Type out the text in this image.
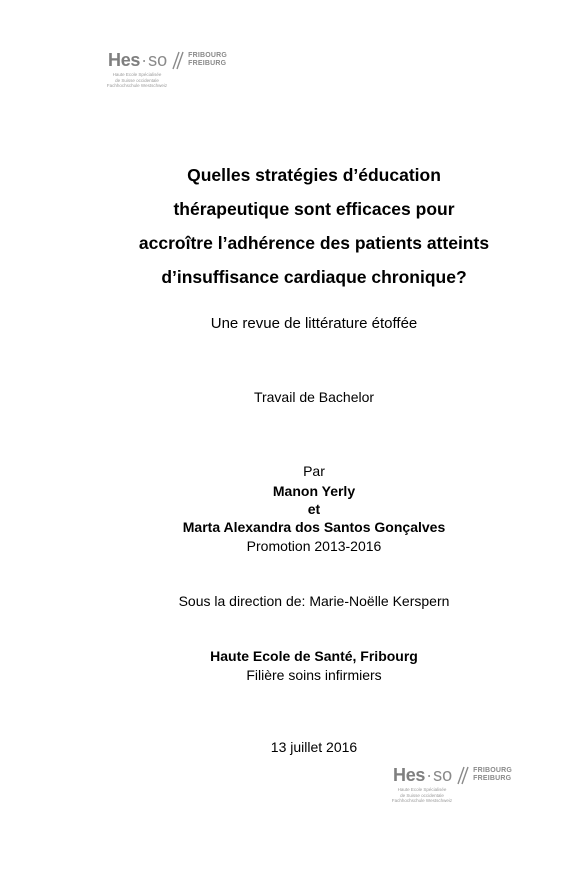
Hes · so	FRIBOURG
FREIBURG
Haute Ecole Spécialisée
de Suisse occidentale
Fachhochschule Westschweiz
Quelles stratégies d’éducation
thérapeutique sont efficaces pour
accroître l’adhérence des patients atteints
d’insuffisance cardiaque chronique?
Une revue de littérature étoffée
Travail de Bachelor
Par
Manon Yerly
et
Marta Alexandra dos Santos Gonçalves
Promotion 2013-2016
Sous la direction de: Marie-Noëlle Kerspern
Haute Ecole de Santé, Fribourg
Filière soins infirmiers
13 juillet 2016
Hes · so	FRIBOURG
FREIBURG
Haute Ecole Spécialisée
de Suisse occidentale
Fachhochschule Westschweiz
